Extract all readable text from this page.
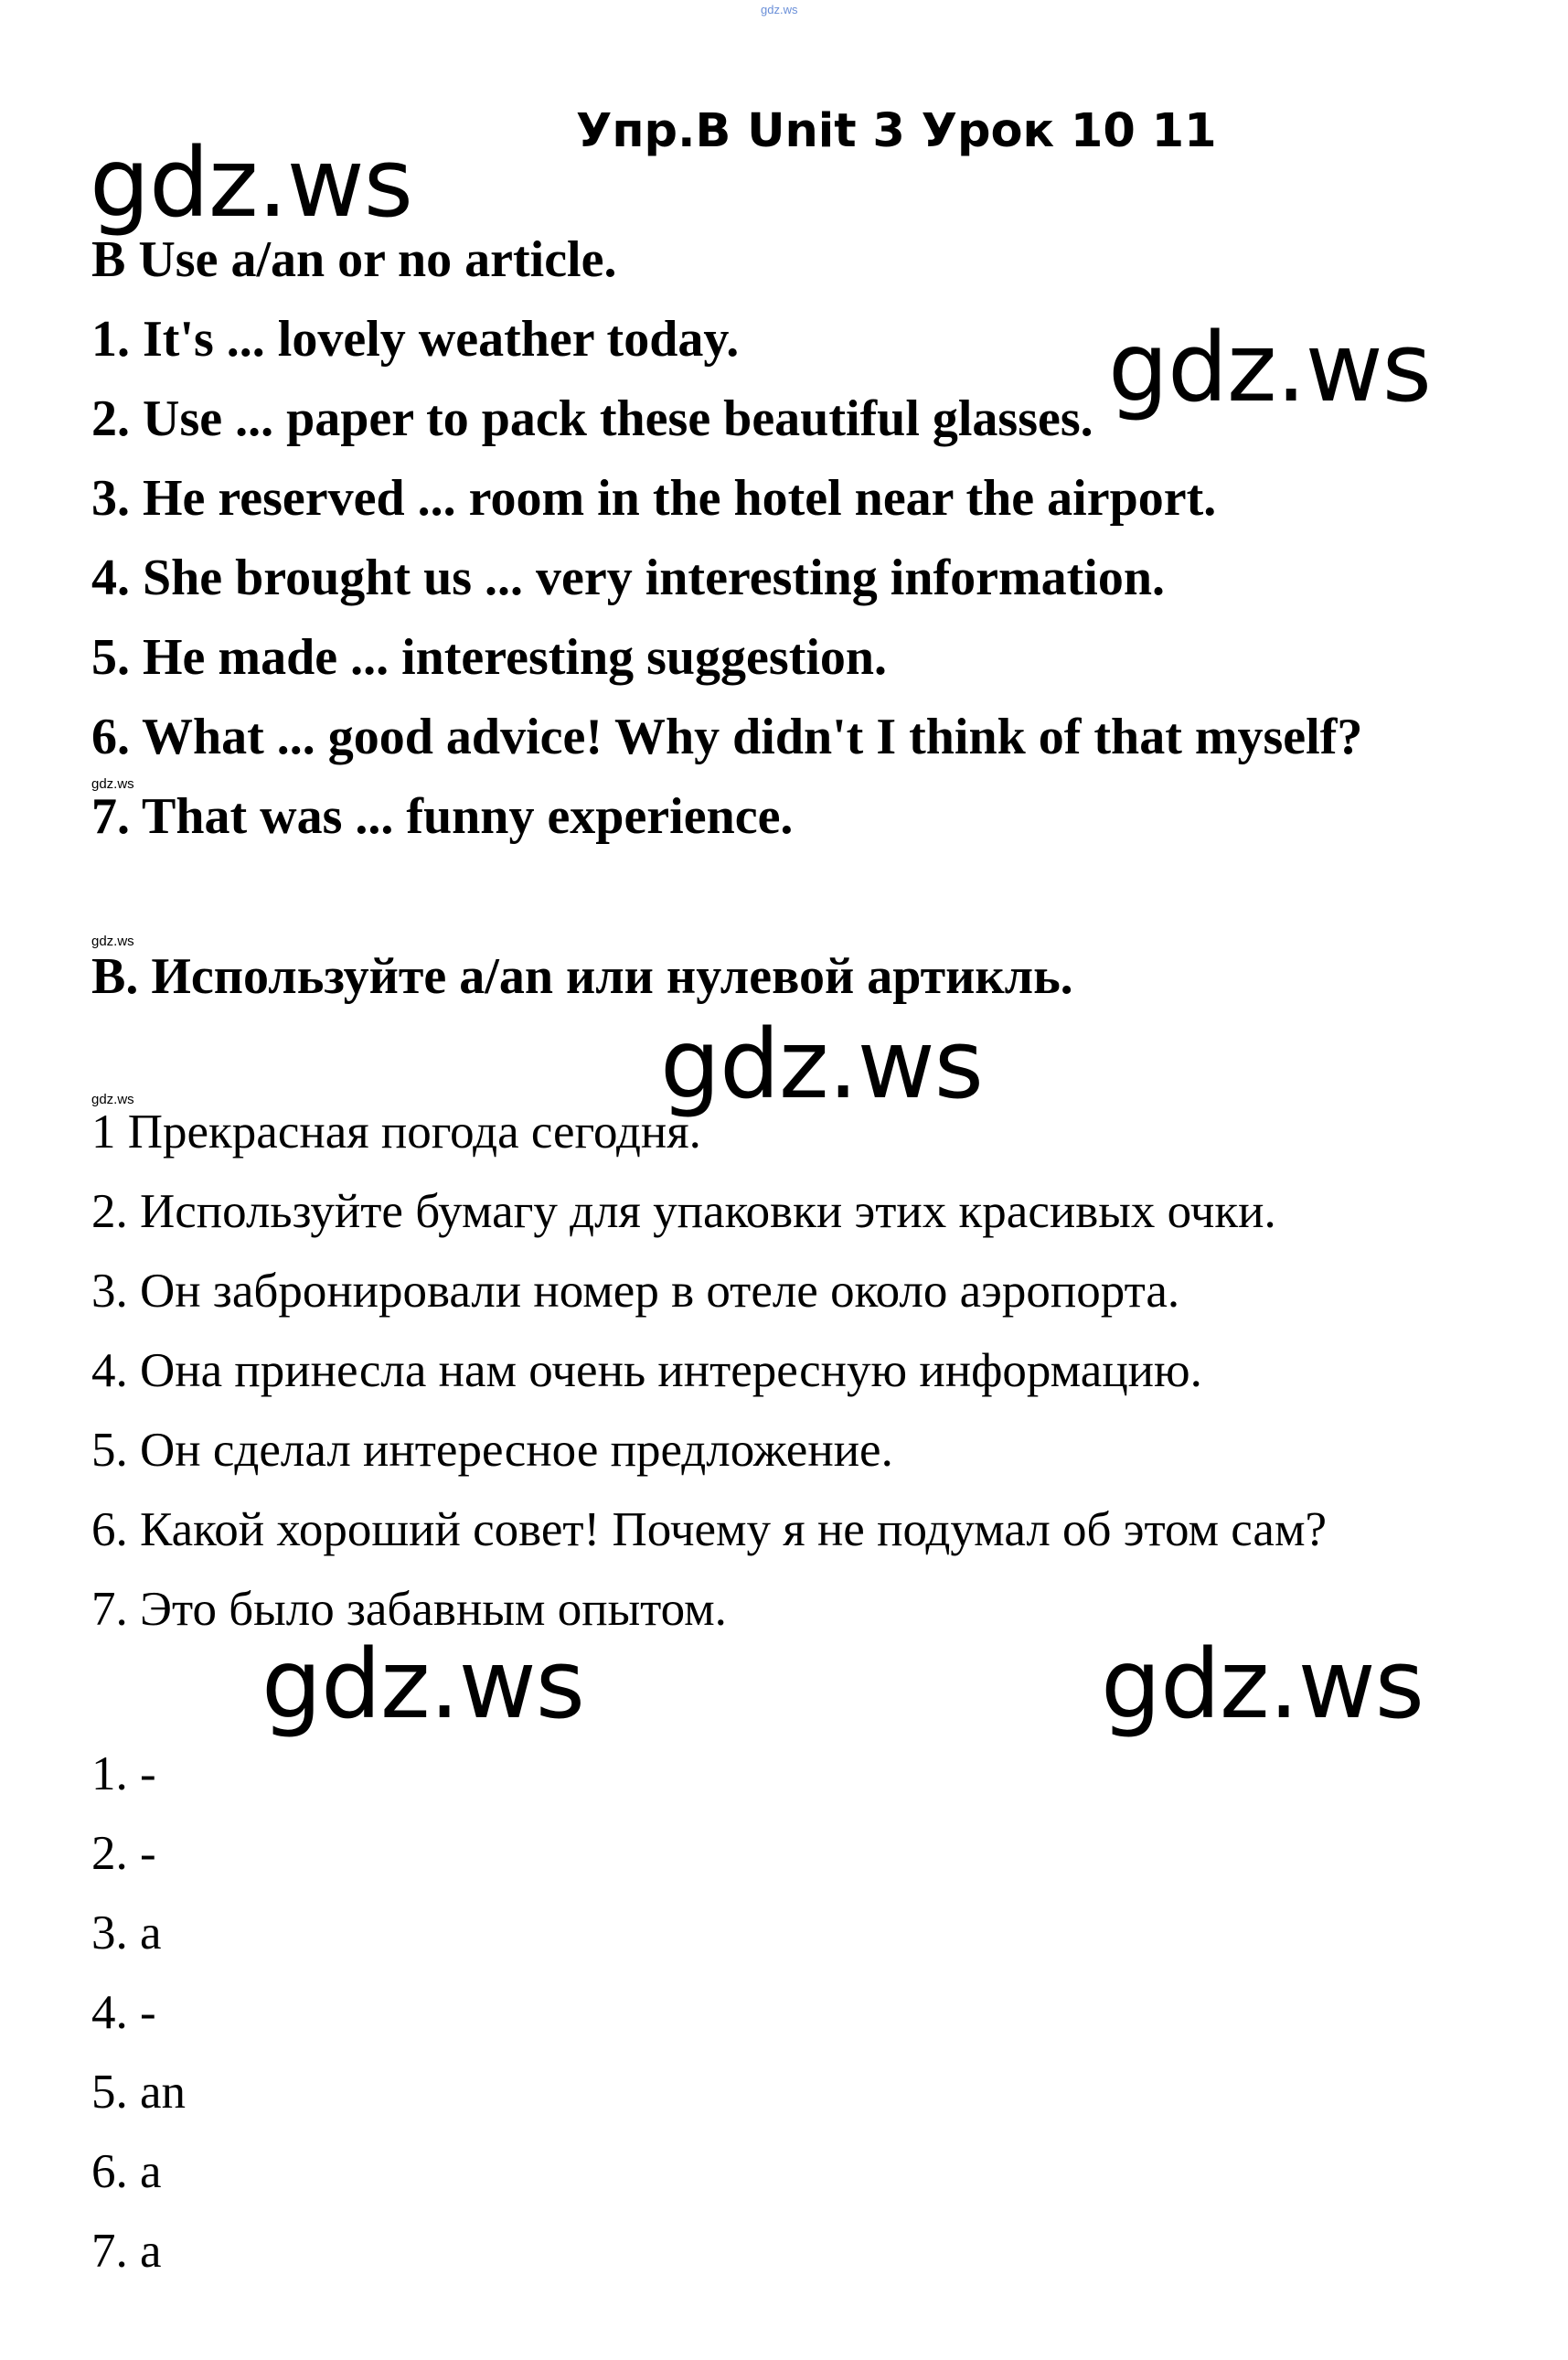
gdz.ws
Упр.B Unit 3 Урок 10 11
gdz.ws
gdz.ws
gdz.ws
gdz.ws	gdz.ws
gdz.ws
gdz.ws
gdz.ws
B Use a/an or no article.
1. It's ... lovely weather today.
2. Use ... paper to pack these beautiful glasses.
3. He reserved ... room in the hotel near the airport.
4. She brought us ... very interesting information.
5. He made ... interesting suggestion.
6. What ... good advice! Why didn't I think of that myself?
7. That was ... funny experience.
B. Используйте a/an или нулевой артикль.
1 Прекрасная погода сегодня.
2. Используйте бумагу для упаковки этих красивых очки.
3. Он забронировали номер в отеле около аэропорта.
4. Она принесла нам очень интересную информацию.
5. Он сделал интересное предложение.
6. Какой хороший совет! Почему я не подумал об этом сам?
7. Это было забавным опытом.
1. -
2. -
3. a
4. -
5. an
6. a
7. a
